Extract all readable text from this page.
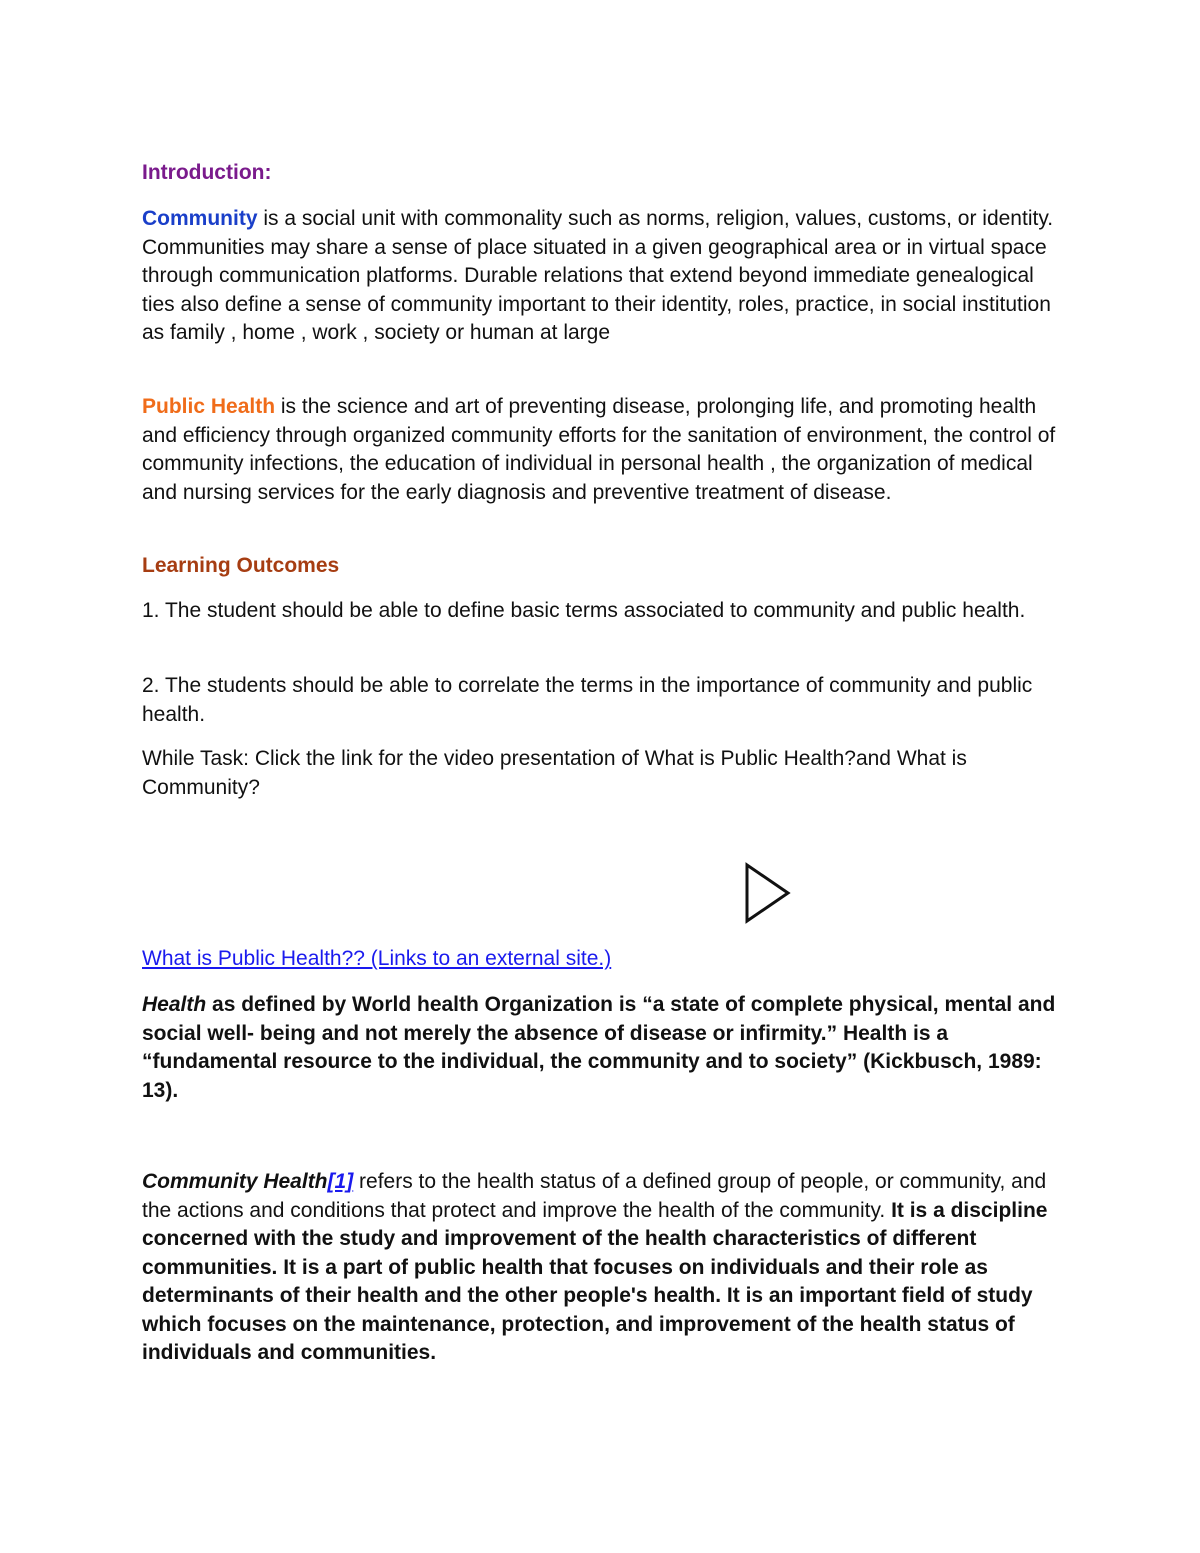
Introduction:

Community is a social unit with commonality such as norms, religion, values, customs, or identity. Communities may share a sense of place situated in a given geographical area or in virtual space through communication platforms. Durable relations that extend beyond immediate genealogical ties also define a sense of community important to their identity, roles, practice, in social institution as family , home , work , society or human at large

Public Health is the science and art of preventing disease, prolonging life, and promoting health and efficiency through organized community efforts for the sanitation of environment, the control of community infections, the education of individual in personal health , the organization of medical and nursing services for the early diagnosis and preventive treatment of disease.

Learning Outcomes

1. The student should be able to define basic terms associated to community and public health.

2. The students should be able to correlate the terms in the importance of community and public health.

While Task: Click the link for the video presentation of What is Public Health?and What is Community?

What is Public Health?? (Links to an external site.)

Health as defined by World health Organization is “a state of complete physical, mental and social well- being and not merely the absence of disease or infirmity.” Health is a “fundamental resource to the individual, the community and to society” (Kickbusch, 1989: 13).

Community Health[1] refers to the health status of a defined group of people, or community, and the actions and conditions that protect and improve the health of the community. It is a discipline concerned with the study and improvement of the health characteristics of different communities. It is a part of public health that focuses on individuals and their role as determinants of their health and the other people's health. It is an important field of study which focuses on the maintenance, protection, and improvement of the health status of individuals and communities.
